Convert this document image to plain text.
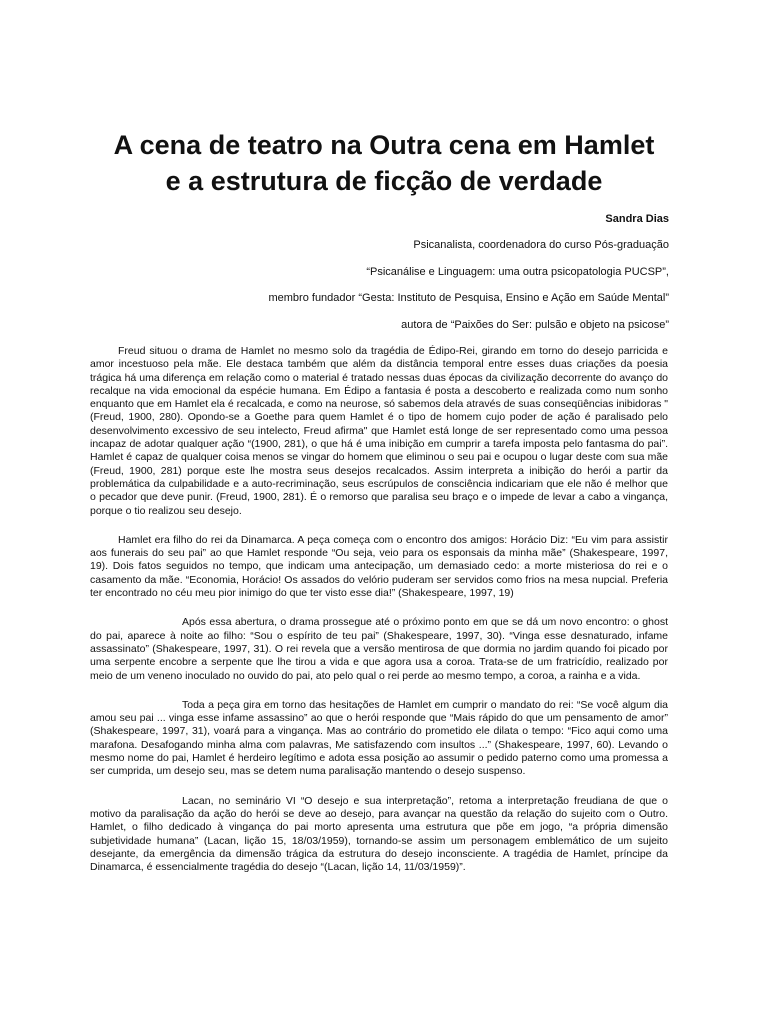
A cena de teatro na Outra cena em Hamlet
e a estrutura de ficção de verdade
Sandra Dias
Psicanalista, coordenadora do curso Pós-graduação
“Psicanálise e Linguagem: uma outra psicopatologia PUCSP”,
membro fundador “Gesta: Instituto de Pesquisa, Ensino e Ação em Saúde Mental”
autora de “Paixões do Ser: pulsão e objeto na psicose”

Freud situou o drama de Hamlet no mesmo solo da tragédia de Édipo-Rei, girando em torno do desejo parricida e amor incestuoso pela mãe. Ele destaca também que além da distância temporal entre esses duas criações da poesia trágica há uma diferença em relação como o material é tratado nessas duas épocas da civilização decorrente do avanço do recalque na vida emocional da espécie humana. Em Édipo a fantasia é posta a descoberto e realizada como num sonho enquanto que em Hamlet ela é recalcada, e como na neurose, só sabemos dela através de suas conseqüências inibidoras "(Freud, 1900, 280). Opondo-se a Goethe para quem Hamlet é o tipo de homem cujo poder de ação é paralisado pelo desenvolvimento excessivo de seu intelecto, Freud afirma" que Hamlet está longe de ser representado como uma pessoa incapaz de adotar qualquer ação “(1900, 281), o que há é uma inibição em cumprir a tarefa imposta pelo fantasma do pai”. Hamlet é capaz de qualquer coisa menos se vingar do homem que eliminou o seu pai e ocupou o lugar deste com sua mãe (Freud, 1900, 281) porque este lhe mostra seus desejos recalcados. Assim interpreta a inibição do herói a partir da problemática da culpabilidade e a auto-recriminação, seus escrúpulos de consciência indicariam que ele não é melhor que o pecador que deve punir. (Freud, 1900, 281). É o remorso que paralisa seu braço e o impede de levar a cabo a vingança, porque o tio realizou seu desejo.

Hamlet era filho do rei da Dinamarca. A peça começa com o encontro dos amigos: Horácio Diz: “Eu vim para assistir aos funerais do seu pai” ao que Hamlet responde “Ou seja, veio para os esponsais da minha mãe” (Shakespeare, 1997, 19). Dois fatos seguidos no tempo, que indicam uma antecipação, um demasiado cedo: a morte misteriosa do rei e o casamento da mãe. “Economia, Horácio! Os assados do velório puderam ser servidos como frios na mesa nupcial. Preferia ter encontrado no céu meu pior inimigo do que ter visto esse dia!” (Shakespeare, 1997, 19)

Após essa abertura, o drama prossegue até o próximo ponto em que se dá um novo encontro: o ghost do pai, aparece à noite ao filho: “Sou o espírito de teu pai” (Shakespeare, 1997, 30). “Vinga esse desnaturado, infame assassinato” (Shakespeare, 1997, 31). O rei revela que a versão mentirosa de que dormia no jardim quando foi picado por uma serpente encobre a serpente que lhe tirou a vida e que agora usa a coroa. Trata-se de um fratricídio, realizado por meio de um veneno inoculado no ouvido do pai, ato pelo qual o rei perde ao mesmo tempo, a coroa, a rainha e a vida.

Toda a peça gira em torno das hesitações de Hamlet em cumprir o mandato do rei: “Se você algum dia amou seu pai ... vinga esse infame assassino” ao que o herói responde que “Mais rápido do que um pensamento de amor” (Shakespeare, 1997, 31), voará para a vingança. Mas ao contrário do prometido ele dilata o tempo: “Fico aqui como uma marafona. Desafogando minha alma com palavras, Me satisfazendo com insultos ...” (Shakespeare, 1997, 60). Levando o mesmo nome do pai, Hamlet é herdeiro legítimo e adota essa posição ao assumir o pedido paterno como uma promessa a ser cumprida, um desejo seu, mas se detem numa paralisação mantendo o desejo suspenso.

Lacan, no seminário VI “O desejo e sua interpretação”, retoma a interpretação freudiana de que o motivo da paralisação da ação do herói se deve ao desejo, para avançar na questão da relação do sujeito com o Outro. Hamlet, o filho dedicado à vingança do pai morto apresenta uma estrutura que põe em jogo, “a própria dimensão subjetividade humana” (Lacan, lição 15, 18/03/1959), tornando-se assim um personagem emblemático de um sujeito desejante, da emergência da dimensão trágica da estrutura do desejo inconsciente. A tragédia de Hamlet, príncipe da Dinamarca, é essencialmente tragédia do desejo “(Lacan, lição 14, 11/03/1959)”.
